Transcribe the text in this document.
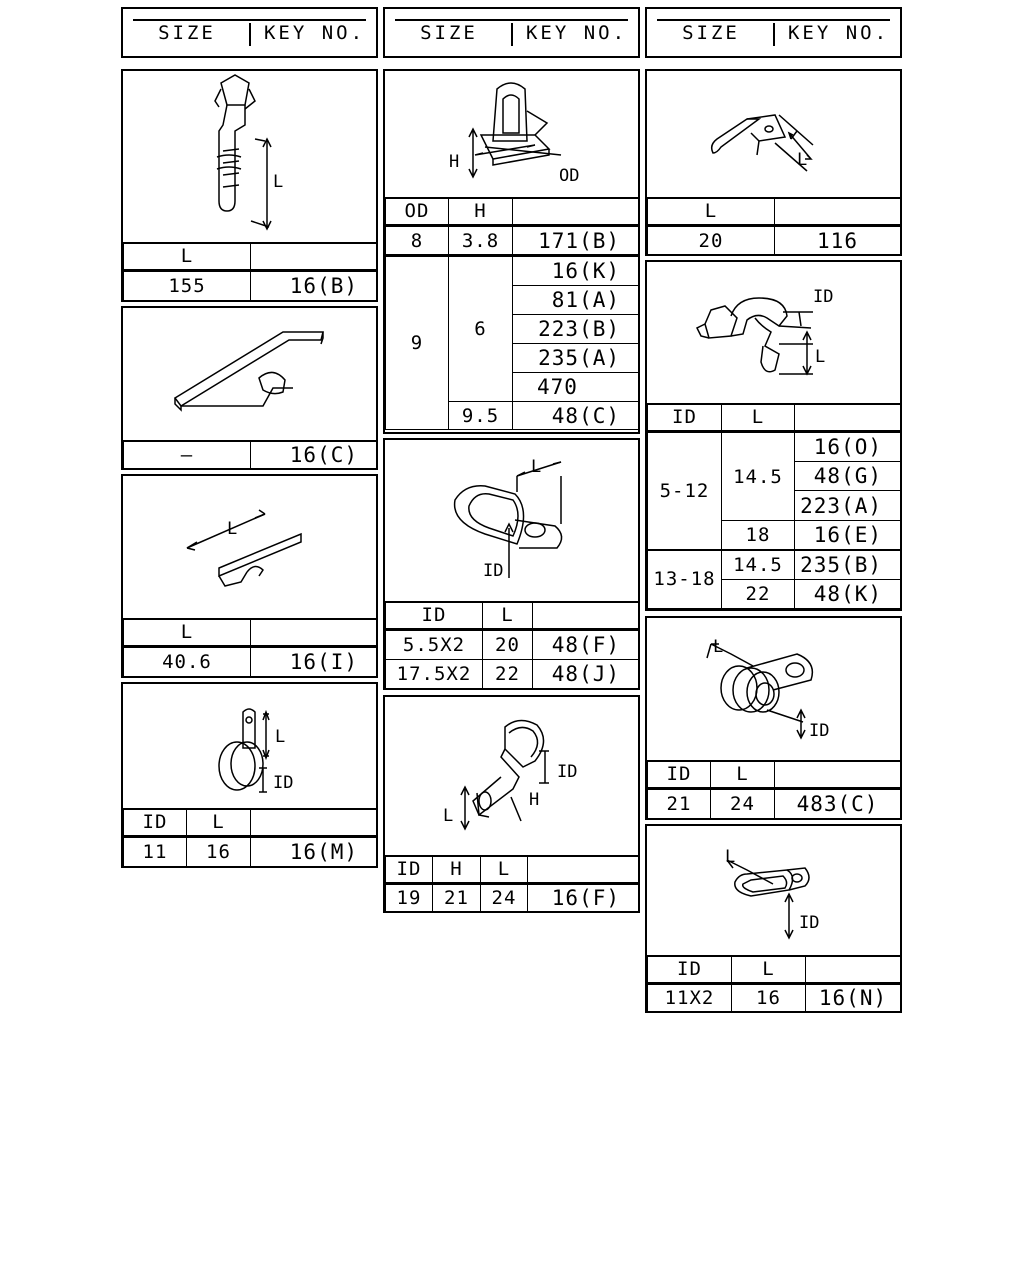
SIZE	KEY NO.	SIZE	KEY NO.	SIZE	KEY NO.
L
L	
155	16(B)
—	16(C)
L
L	
40.6	16(I)
L
ID
ID	L	
11	16	16(M)
H
OD
OD	H	
8	3.8	171(B)
9	6	16(K)
		81(A)
		223(B)
		235(A)
		470
	9.5	48(C)
L
ID
ID	L	
5.5X2	20	48(F)
17.5X2	22	48(J)
ID
L
H
ID	H	L	
19	21	24	16(F)
L
L	
20	116
ID
L
ID	L	
5-12	14.5	16(O)
		48(G)
		223(A)
	18	16(E)
13-18	14.5	235(B)
	22	48(K)
L
ID
ID	L	
21	24	483(C)
L
ID
ID	L	
11X2	16	16(N)
